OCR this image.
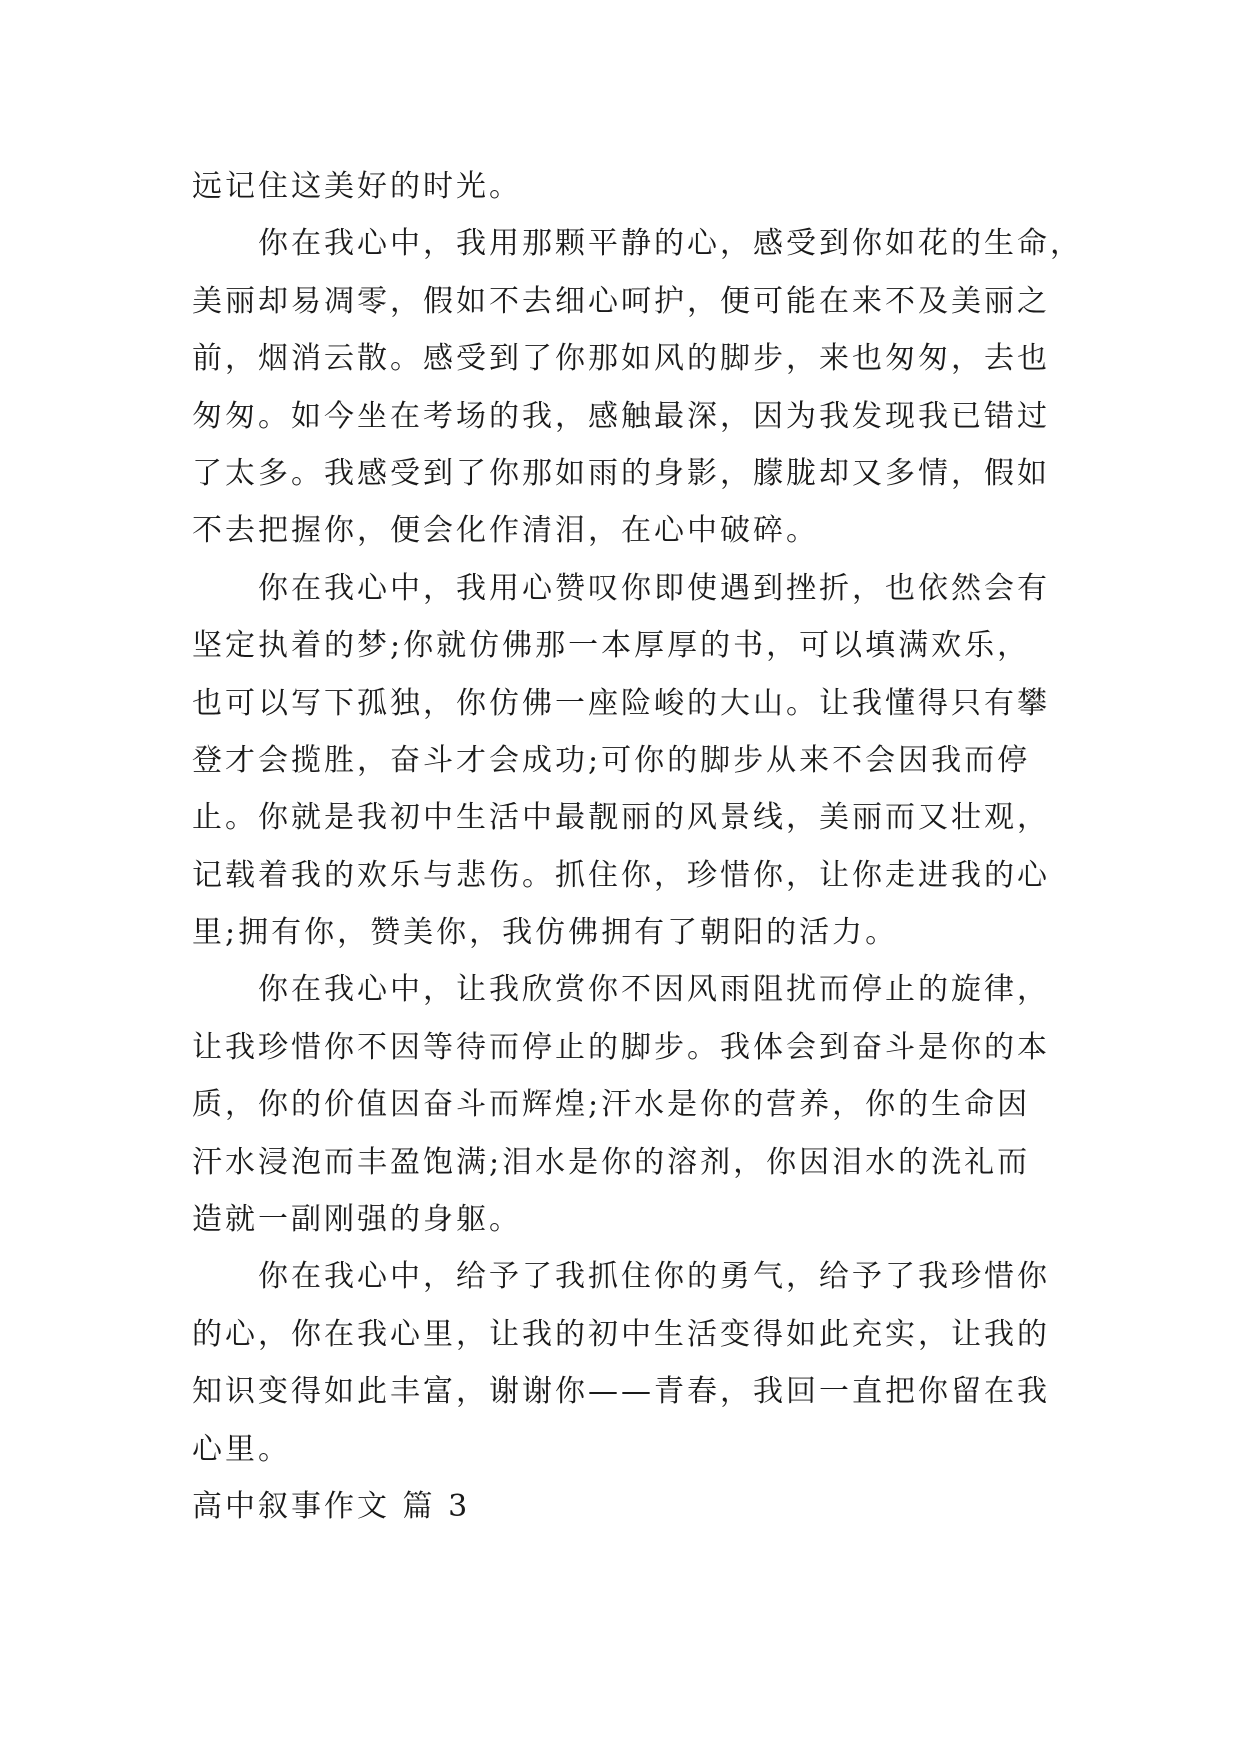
远记住这美好的时光。
你在我心中，我用那颗平静的心，感受到你如花的生命，
美丽却易凋零，假如不去细心呵护，便可能在来不及美丽之
前，烟消云散。感受到了你那如风的脚步，来也匆匆，去也
匆匆。如今坐在考场的我，感触最深，因为我发现我已错过
了太多。我感受到了你那如雨的身影，朦胧却又多情，假如
不去把握你，便会化作清泪，在心中破碎。
你在我心中，我用心赞叹你即使遇到挫折，也依然会有
坚定执着的梦;你就仿佛那一本厚厚的书，可以填满欢乐，
也可以写下孤独，你仿佛一座险峻的大山。让我懂得只有攀
登才会揽胜，奋斗才会成功;可你的脚步从来不会因我而停
止。你就是我初中生活中最靓丽的风景线，美丽而又壮观，
记载着我的欢乐与悲伤。抓住你，珍惜你，让你走进我的心
里;拥有你，赞美你，我仿佛拥有了朝阳的活力。
你在我心中，让我欣赏你不因风雨阻扰而停止的旋律，
让我珍惜你不因等待而停止的脚步。我体会到奋斗是你的本
质，你的价值因奋斗而辉煌;汗水是你的营养，你的生命因
汗水浸泡而丰盈饱满;泪水是你的溶剂，你因泪水的洗礼而
造就一副刚强的身躯。
你在我心中，给予了我抓住你的勇气，给予了我珍惜你
的心，你在我心里，让我的初中生活变得如此充实，让我的
知识变得如此丰富，谢谢你——青春，我回一直把你留在我
心里。
高中叙事作文 篇 3
